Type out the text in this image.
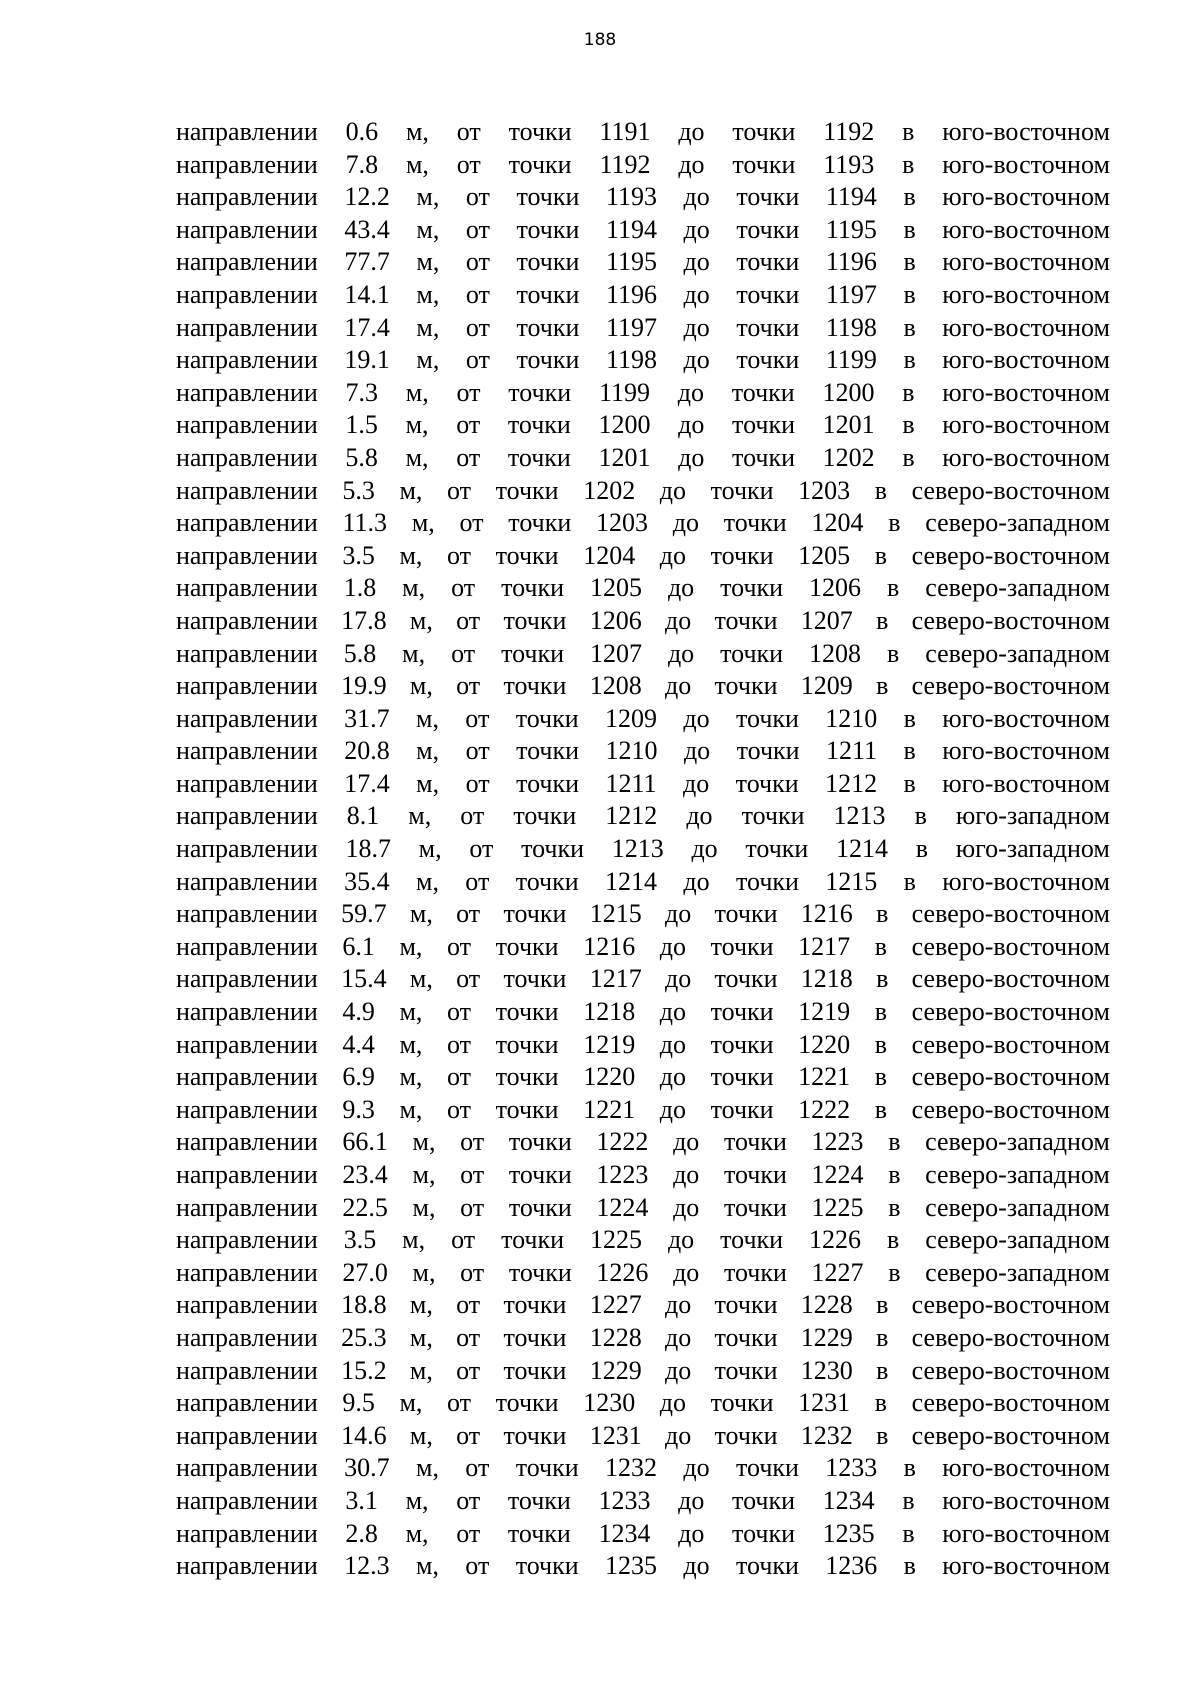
188
направлении 0.6 м, от точки 1191 до точки 1192 в юго-восточном
направлении 7.8 м, от точки 1192 до точки 1193 в юго-восточном
направлении 12.2 м, от точки 1193 до точки 1194 в юго-восточном
направлении 43.4 м, от точки 1194 до точки 1195 в юго-восточном
направлении 77.7 м, от точки 1195 до точки 1196 в юго-восточном
направлении 14.1 м, от точки 1196 до точки 1197 в юго-восточном
направлении 17.4 м, от точки 1197 до точки 1198 в юго-восточном
направлении 19.1 м, от точки 1198 до точки 1199 в юго-восточном
направлении 7.3 м, от точки 1199 до точки 1200 в юго-восточном
направлении 1.5 м, от точки 1200 до точки 1201 в юго-восточном
направлении 5.8 м, от точки 1201 до точки 1202 в юго-восточном
направлении 5.3 м, от точки 1202 до точки 1203 в северо-восточном
направлении 11.3 м, от точки 1203 до точки 1204 в северо-западном
направлении 3.5 м, от точки 1204 до точки 1205 в северо-восточном
направлении 1.8 м, от точки 1205 до точки 1206 в северо-западном
направлении 17.8 м, от точки 1206 до точки 1207 в северо-восточном
направлении 5.8 м, от точки 1207 до точки 1208 в северо-западном
направлении 19.9 м, от точки 1208 до точки 1209 в северо-восточном
направлении 31.7 м, от точки 1209 до точки 1210 в юго-восточном
направлении 20.8 м, от точки 1210 до точки 1211 в юго-восточном
направлении 17.4 м, от точки 1211 до точки 1212 в юго-восточном
направлении 8.1 м, от точки 1212 до точки 1213 в юго-западном
направлении 18.7 м, от точки 1213 до точки 1214 в юго-западном
направлении 35.4 м, от точки 1214 до точки 1215 в юго-восточном
направлении 59.7 м, от точки 1215 до точки 1216 в северо-восточном
направлении 6.1 м, от точки 1216 до точки 1217 в северо-восточном
направлении 15.4 м, от точки 1217 до точки 1218 в северо-восточном
направлении 4.9 м, от точки 1218 до точки 1219 в северо-восточном
направлении 4.4 м, от точки 1219 до точки 1220 в северо-восточном
направлении 6.9 м, от точки 1220 до точки 1221 в северо-восточном
направлении 9.3 м, от точки 1221 до точки 1222 в северо-восточном
направлении 66.1 м, от точки 1222 до точки 1223 в северо-западном
направлении 23.4 м, от точки 1223 до точки 1224 в северо-западном
направлении 22.5 м, от точки 1224 до точки 1225 в северо-западном
направлении 3.5 м, от точки 1225 до точки 1226 в северо-западном
направлении 27.0 м, от точки 1226 до точки 1227 в северо-западном
направлении 18.8 м, от точки 1227 до точки 1228 в северо-восточном
направлении 25.3 м, от точки 1228 до точки 1229 в северо-восточном
направлении 15.2 м, от точки 1229 до точки 1230 в северо-восточном
направлении 9.5 м, от точки 1230 до точки 1231 в северо-восточном
направлении 14.6 м, от точки 1231 до точки 1232 в северо-восточном
направлении 30.7 м, от точки 1232 до точки 1233 в юго-восточном
направлении 3.1 м, от точки 1233 до точки 1234 в юго-восточном
направлении 2.8 м, от точки 1234 до точки 1235 в юго-восточном
направлении 12.3 м, от точки 1235 до точки 1236 в юго-восточном
